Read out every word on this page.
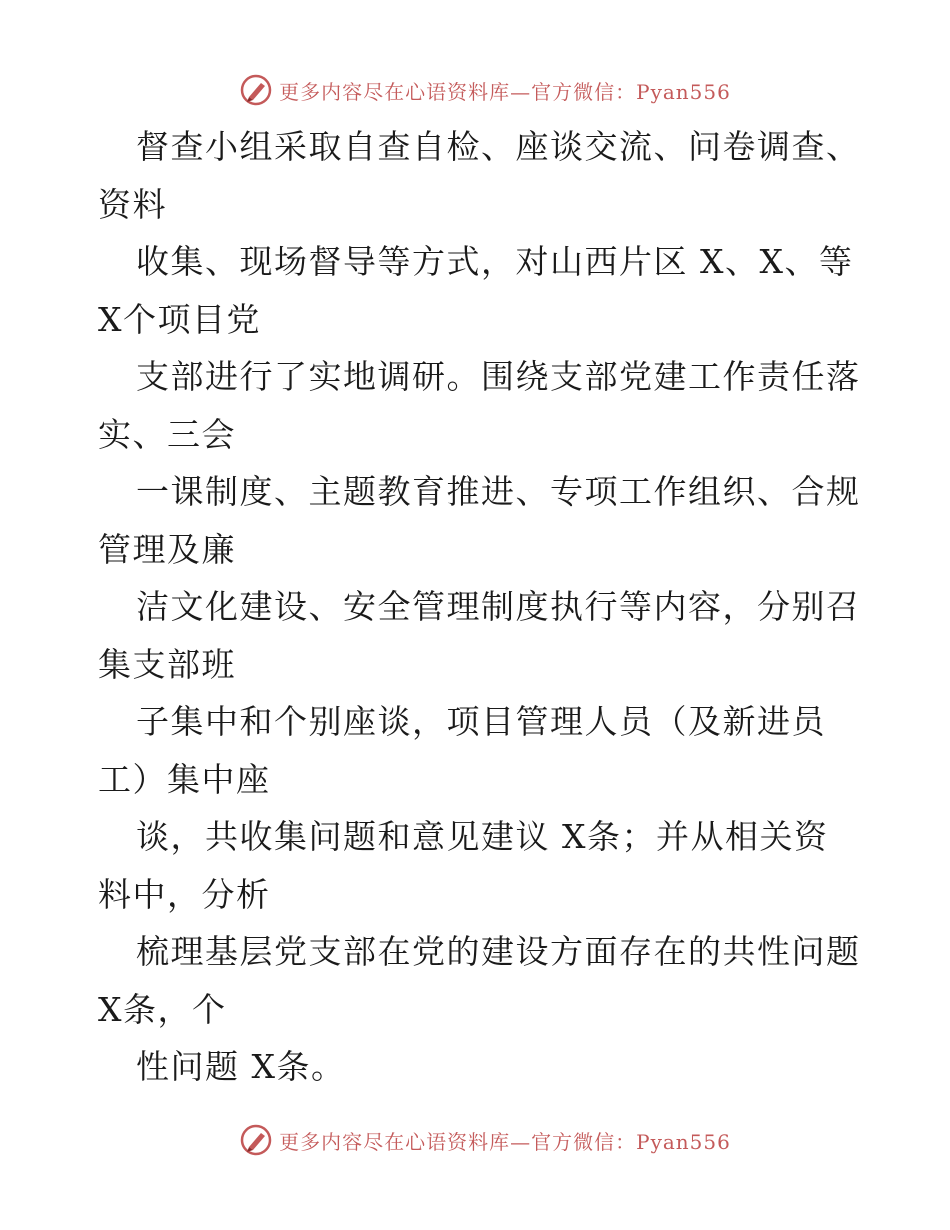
更多内容尽在心语资料库—官方微信：Pyan556
督查小组采取自查自检、座谈交流、问卷调查、
资料
收集、现场督导等方式，对山西片区 X、X、等
X个项目党
支部进行了实地调研。围绕支部党建工作责任落
实、三会
一课制度、主题教育推进、专项工作组织、合规
管理及廉
洁文化建设、安全管理制度执行等内容，分别召
集支部班
子集中和个别座谈，项目管理人员（及新进员
工）集中座
谈，共收集问题和意见建议 X条；并从相关资
料中，分析
梳理基层党支部在党的建设方面存在的共性问题
X条，个
性问题 X条。
更多内容尽在心语资料库—官方微信：Pyan556
